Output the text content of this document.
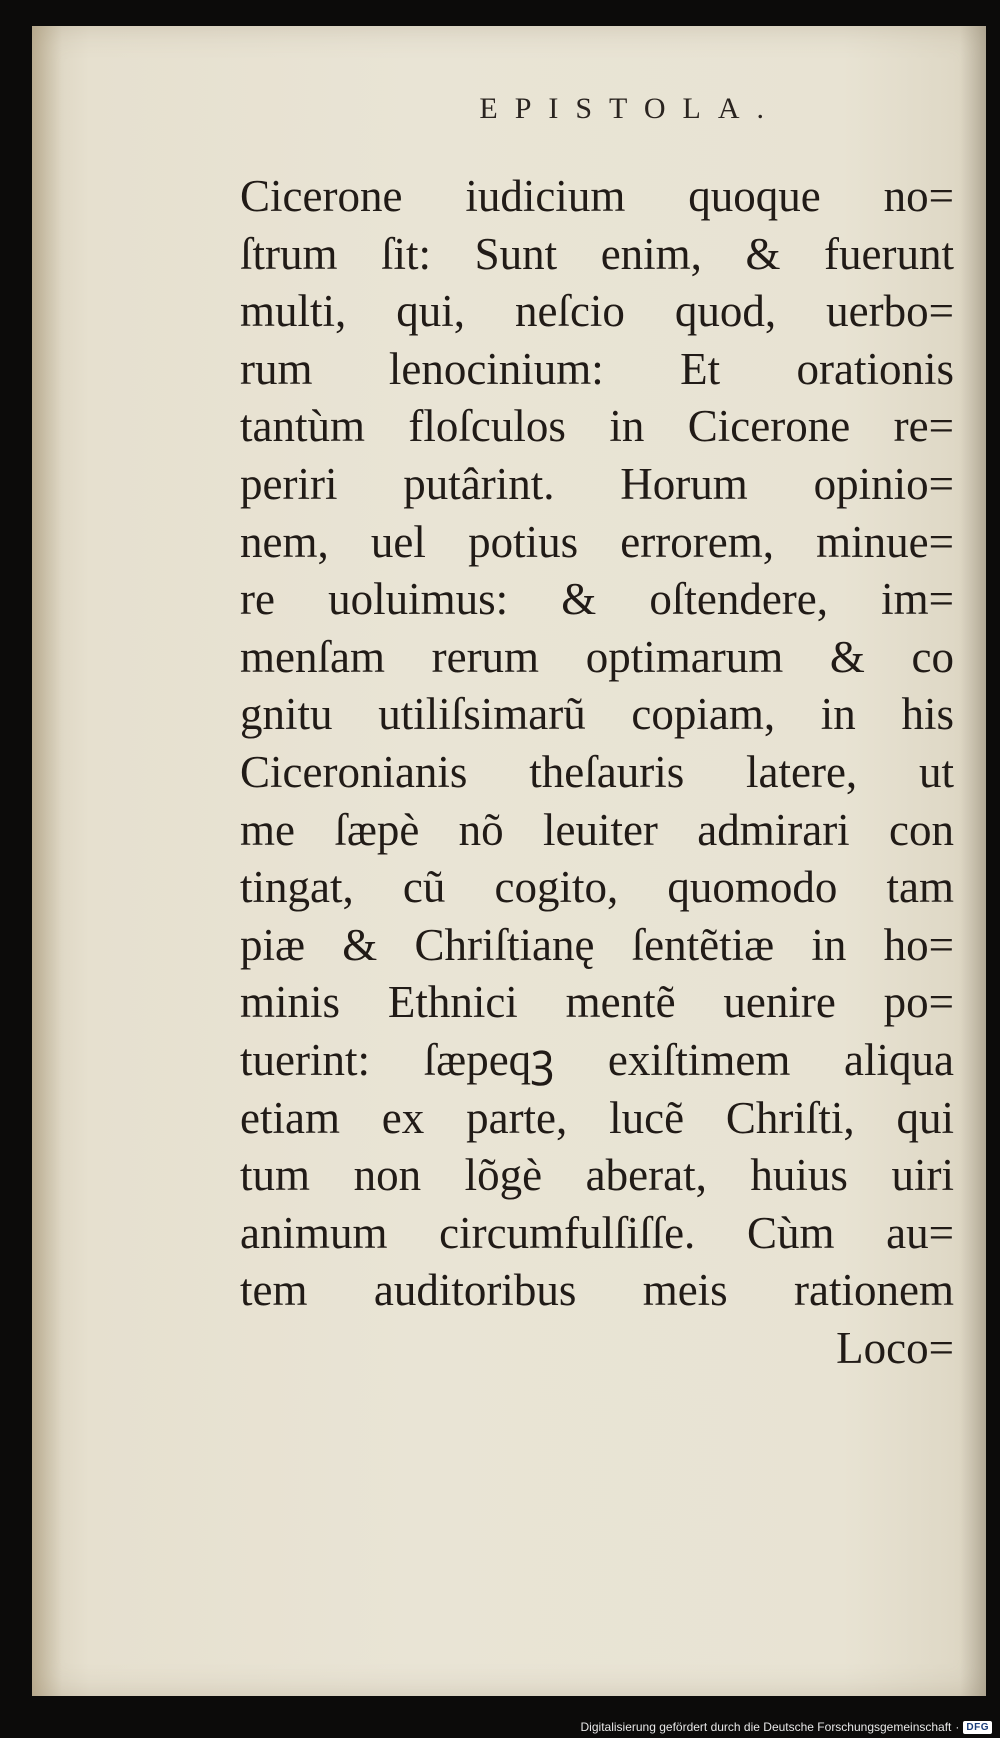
EPISTOLA.
Cicerone iudicium quoque no=
ſtrum ſit: Sunt enim, & fuerunt
multi, qui, neſcio quod, uerbo=
rum lenocinium: Et orationis
tantùm floſculos in Cicerone re=
periri putârint. Horum opinio=
nem, uel potius errorem, minue=
re uoluimus: & oſtendere, im=
menſam rerum optimarum & co
gnitu utiliſsimarũ copiam, in his
Ciceronianis theſauris latere, ut
me ſæpè nõ leuiter admirari con
tingat, cũ cogito, quomodo tam
piæ & Chriſtianę ſentẽtiæ in ho=
minis Ethnici mentẽ uenire po=
tuerint: ſæpeqꝫ exiſtimem aliqua
etiam ex parte, lucẽ Chriſti, qui
tum non lõgè aberat, huius uiri
animum circumfulſiſſe. Cùm au=
tem auditoribus meis rationem
Loco=
Digitalisierung gefördert durch die Deutsche Forschungsgemeinschaft · DFG
